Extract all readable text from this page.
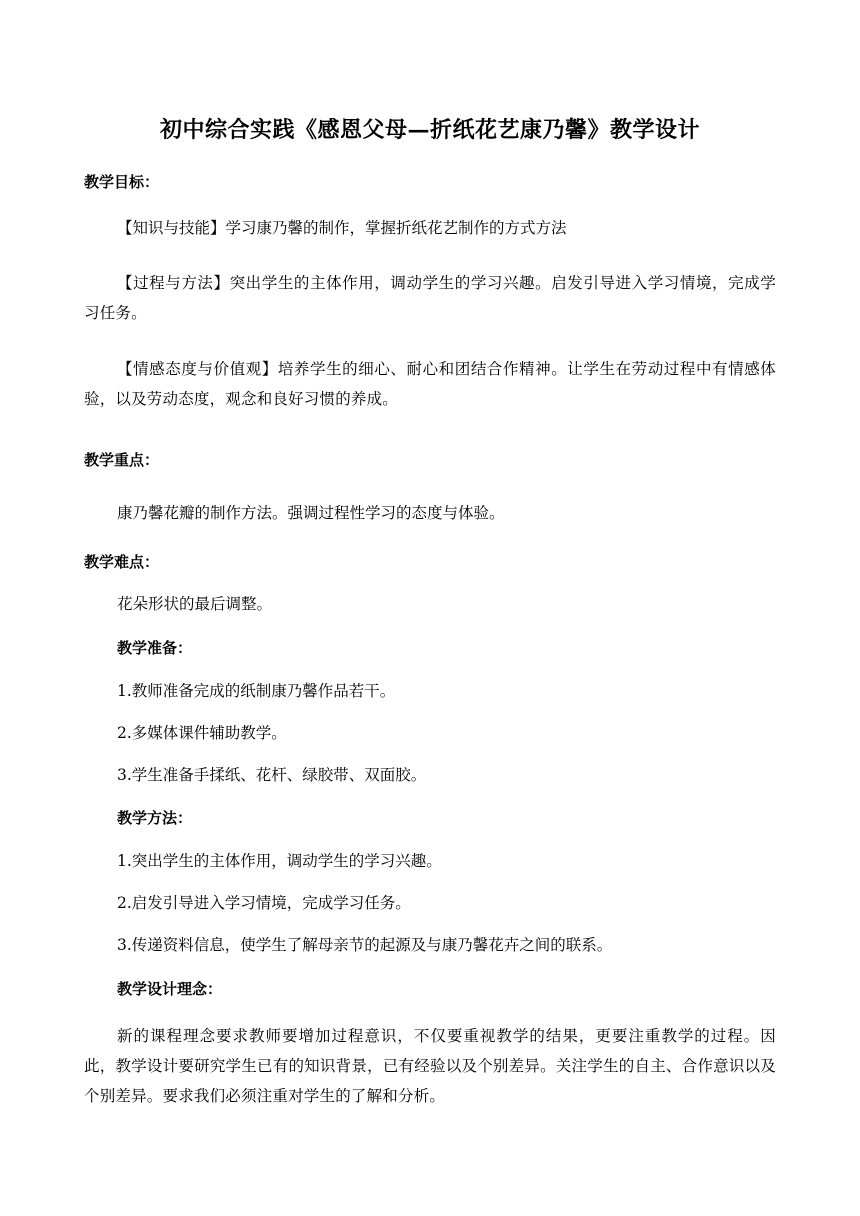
初中综合实践《感恩父母—折纸花艺康乃馨》教学设计

教学目标：

【知识与技能】学习康乃馨的制作，掌握折纸花艺制作的方式方法

【过程与方法】突出学生的主体作用，调动学生的学习兴趣。启发引导进入学习情境，完成学习任务。

【情感态度与价值观】培养学生的细心、耐心和团结合作精神。让学生在劳动过程中有情感体验，以及劳动态度，观念和良好习惯的养成。

教学重点：

康乃馨花瓣的制作方法。强调过程性学习的态度与体验。

教学难点：

花朵形状的最后调整。

教学准备：

1.教师准备完成的纸制康乃馨作品若干。

2.多媒体课件辅助教学。

3.学生准备手揉纸、花杆、绿胶带、双面胶。

教学方法：

1.突出学生的主体作用，调动学生的学习兴趣。

2.启发引导进入学习情境，完成学习任务。

3.传递资料信息，使学生了解母亲节的起源及与康乃馨花卉之间的联系。

教学设计理念：

新的课程理念要求教师要增加过程意识，不仅要重视教学的结果，更要注重教学的过程。因此，教学设计要研究学生已有的知识背景，已有经验以及个别差异。关注学生的自主、合作意识以及个别差异。要求我们必须注重对学生的了解和分析。
